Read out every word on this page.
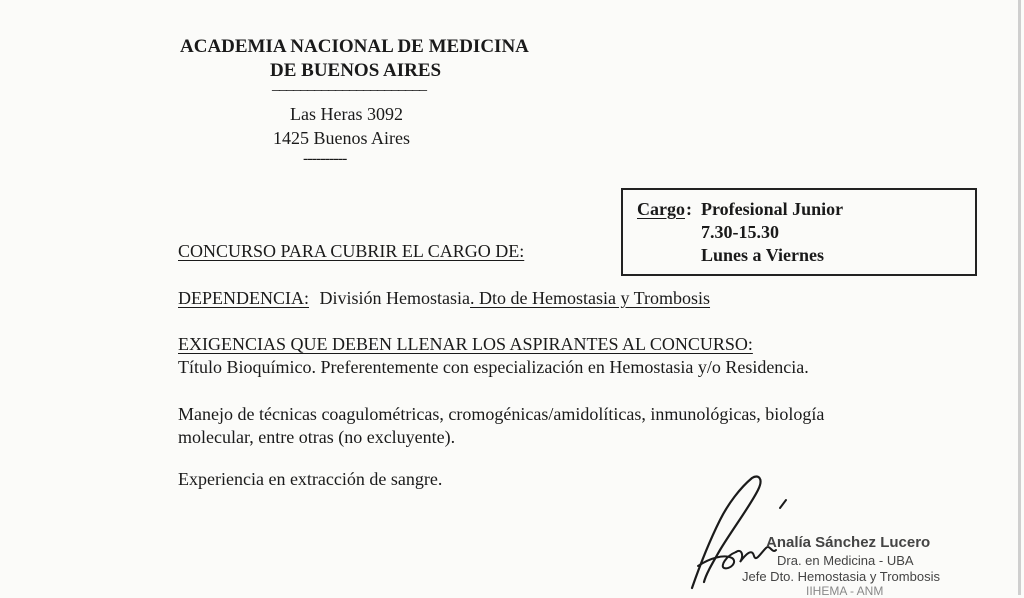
ACADEMIA NACIONAL DE MEDICINA
DE BUENOS AIRES
______________________
Las Heras 3092
1425 Buenos Aires
----------
Cargo : Profesional Junior
7.30-15.30
Lunes a Viernes
CONCURSO PARA CUBRIR EL CARGO DE:
DEPENDENCIA: División Hemostasia. Dto de Hemostasia y Trombosis
EXIGENCIAS QUE DEBEN LLENAR LOS ASPIRANTES AL CONCURSO:
Título Bioquímico. Preferentemente con especialización en Hemostasia y/o Residencia.
Manejo de técnicas coagulométricas, cromogénicas/amidolíticas, inmunológicas, biología
molecular, entre otras (no excluyente).
Experiencia en extracción de sangre.
Analía Sánchez Lucero
Dra. en Medicina - UBA
Jefe Dto. Hemostasia y Trombosis
IIHEMA - ANM
